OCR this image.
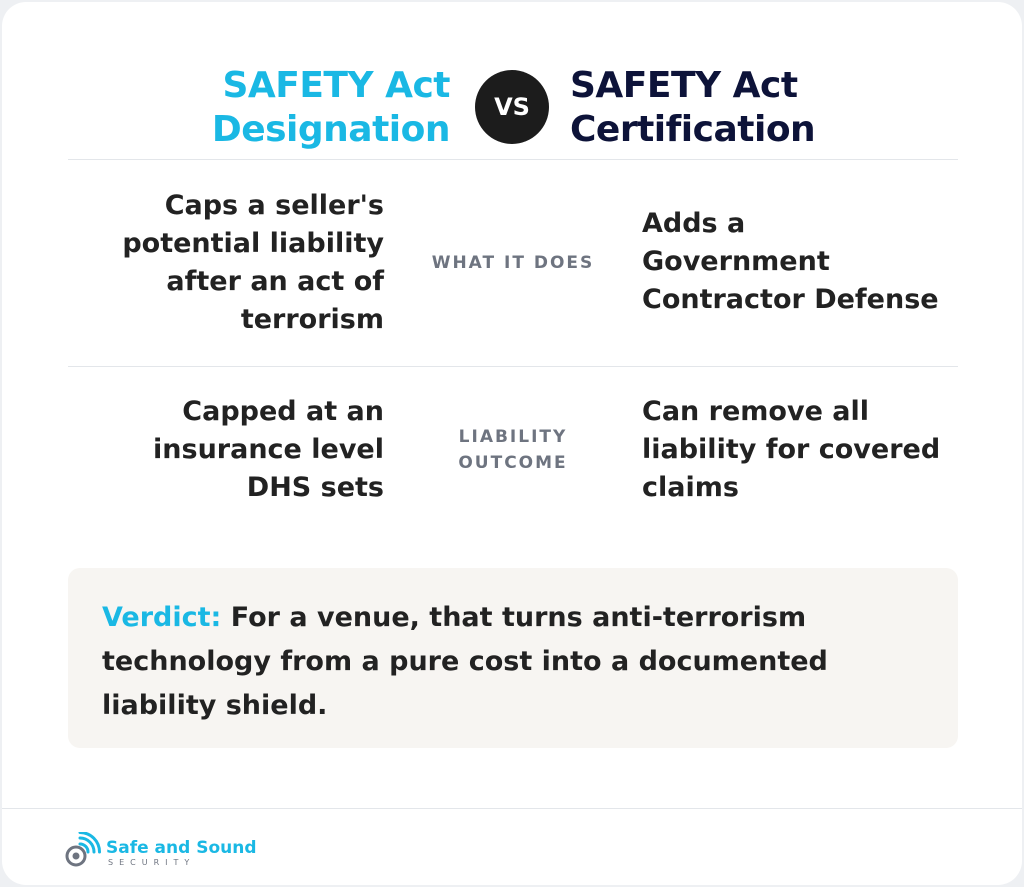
SAFETY Act
Designation
VS
SAFETY Act
Certification
Caps a seller's
potential liability
after an act of
terrorism
WHAT IT DOES
Adds a
Government
Contractor Defense
Capped at an
insurance level
DHS sets
LIABILITY
OUTCOME
Can remove all
liability for covered
claims
Verdict: For a venue, that turns anti-terrorism
technology from a pure cost into a documented
liability shield.
Safe and Sound
SECURITY
